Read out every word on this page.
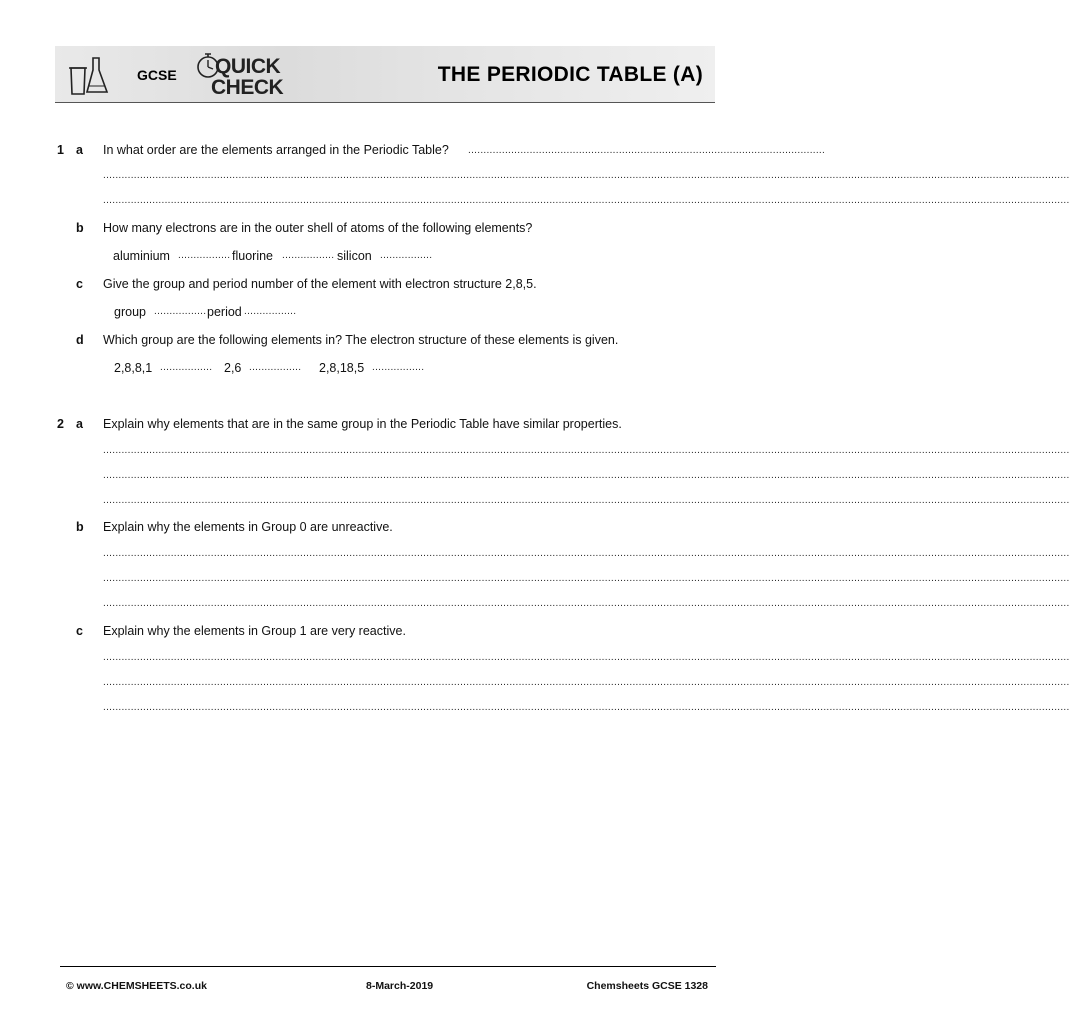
GCSE QUICK
CHECK
THE PERIODIC TABLE (A)
1 a In what order are the elements arranged in the Periodic Table? ....................................................................................................................
..........................................................................................................................................................................................................................................................................................................................
..........................................................................................................................................................................................................................................................................................................................
b How many electrons are in the outer shell of atoms of the following elements?
aluminium ................. fluorine ................. silicon .................
c Give the group and period number of the element with electron structure 2,8,5.
group ................. period .................
d Which group are the following elements in? The electron structure of these elements is given.
2,8,8,1 ................. 2,6 ................. 2,8,18,5 .................
2 a Explain why elements that are in the same group in the Periodic Table have similar properties.
..........................................................................................................................................................................................................................................................................................................................
..........................................................................................................................................................................................................................................................................................................................
..........................................................................................................................................................................................................................................................................................................................
b Explain why the elements in Group 0 are unreactive.
..........................................................................................................................................................................................................................................................................................................................
..........................................................................................................................................................................................................................................................................................................................
..........................................................................................................................................................................................................................................................................................................................
c Explain why the elements in Group 1 are very reactive.
..........................................................................................................................................................................................................................................................................................................................
..........................................................................................................................................................................................................................................................................................................................
..........................................................................................................................................................................................................................................................................................................................
© www.CHEMSHEETS.co.uk	8-March-2019	Chemsheets GCSE 1328
